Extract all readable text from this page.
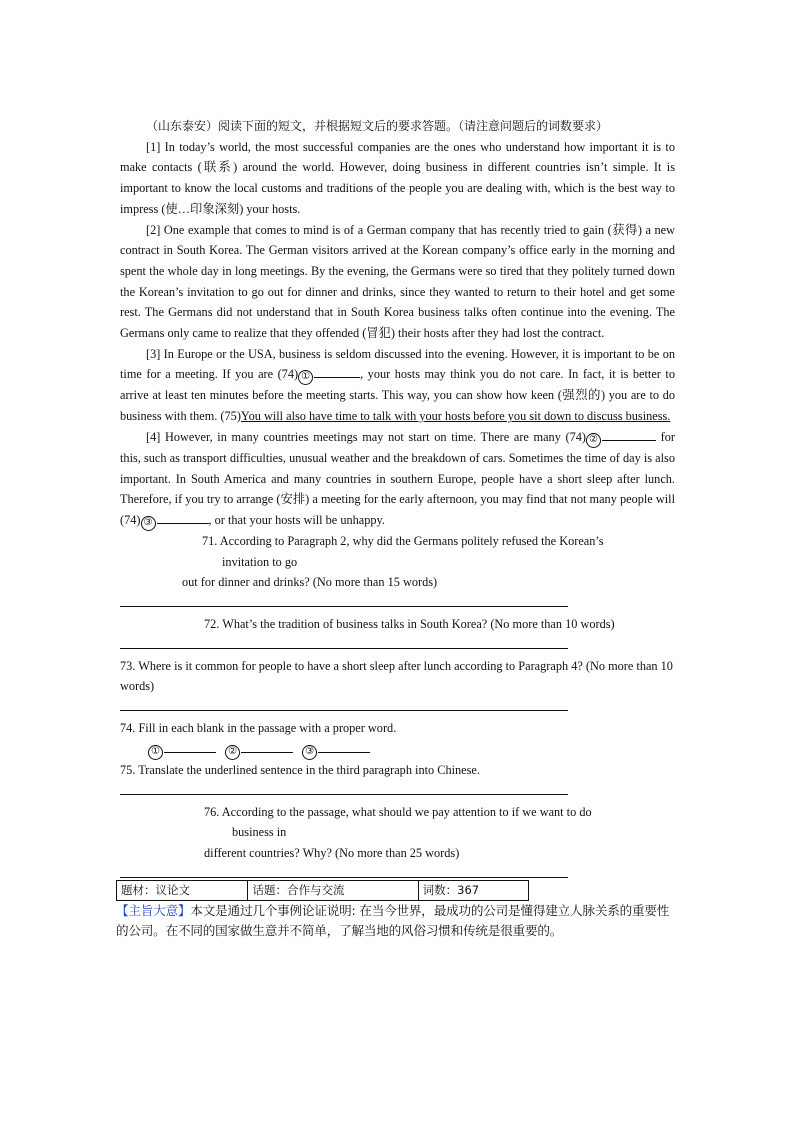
（山东泰安）阅读下面的短文，并根据短文后的要求答题。（请注意问题后的词数要求）

[1] In today’s world, the most successful companies are the ones who understand how important it is to make contacts (联系) around the world. However, doing business in different countries isn’t simple. It is important to know the local customs and traditions of the people you are dealing with, which is the best way to impress (使…印象深刻) your hosts.

[2] One example that comes to mind is of a German company that has recently tried to gain (获得) a new contract in South Korea. The German visitors arrived at the Korean company’s office early in the morning and spent the whole day in long meetings. By the evening, the Germans were so tired that they politely turned down the Korean’s invitation to go out for dinner and drinks, since they wanted to return to their hotel and get some rest. The Germans did not understand that in South Korea business talks often continue into the evening. The Germans only came to realize that they offended (冒犯) their hosts after they had lost the contract.

[3] In Europe or the USA, business is seldom discussed into the evening. However, it is important to be on time for a meeting. If you are (74) ①	, your hosts may think you do not care. In fact, it is better to arrive at least ten minutes before the meeting starts. This way, you can show how keen (强烈的) you are to do business with them. (75)You will also have time to talk with your hosts before you sit down to discuss business.

[4] However, in many countries meetings may not start on time. There are many (74) ②	for this, such as transport difficulties, unusual weather and the breakdown of cars. Sometimes the time of day is also important. In South America and many countries in southern Europe, people have a short sleep after lunch. Therefore, if you try to arrange (安排) a meeting for the early afternoon, you may find that not many people will (74) ③	, or that your hosts will be unhappy.

71. According to Paragraph 2, why did the Germans politely refused the Korean’s
invitation to go
out for dinner and drinks? (No more than 15 words)
72. What’s the tradition of business talks in South Korea? (No more than 10 words)
73. Where is it common for people to have a short sleep after lunch according to Paragraph 4? (No more than 10 words)
74. Fill in each blank in the passage with a proper word.
①	②	③
75. Translate the underlined sentence in the third paragraph into Chinese.
76. According to the passage, what should we pay attention to if we want to do
business in
different countries? Why? (No more than 25 words)
题材：议论文	话题：合作与交流	词数：367
【主旨大意】本文是通过几个事例论证说明: 在当今世界，最成功的公司是懂得建立人脉关系的重要性的公司。在不同的国家做生意并不简单，了解当地的风俗习惯和传统是很重要的。
